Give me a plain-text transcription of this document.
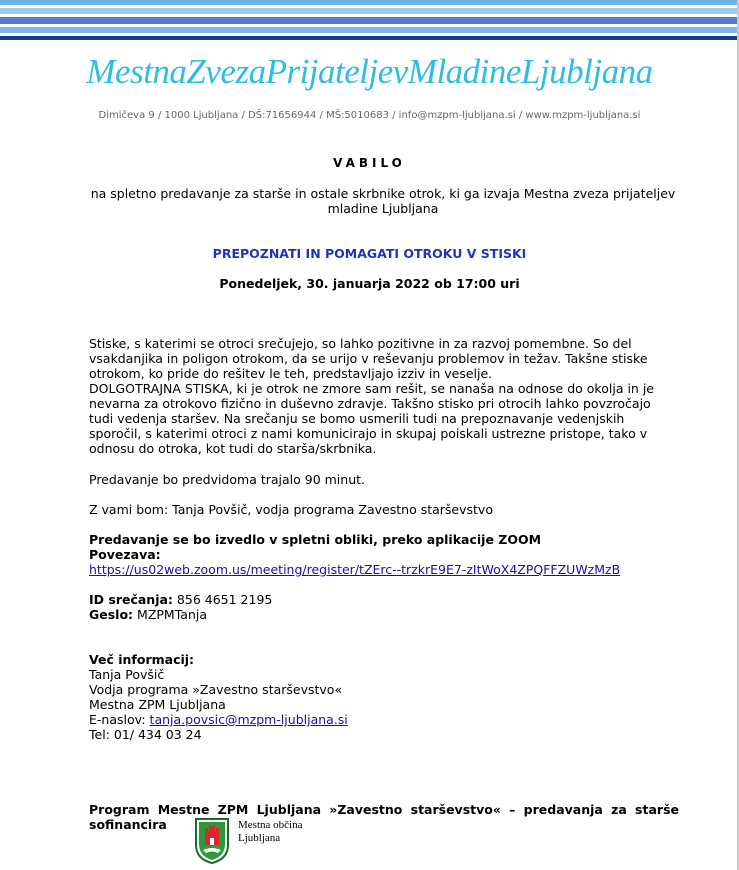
MestnaZvezaPrijateljevMladineLjubljana
Dimičeva 9 / 1000 Ljubljana / DŠ:71656944 / MŠ:5010683 / info@mzpm-ljubljana.si / www.mzpm-ljubljana.si
VABILO
na spletno predavanje za starše in ostale skrbnike otrok, ki ga izvaja Mestna zveza prijateljev mladine Ljubljana
PREPOZNATI IN POMAGATI OTROKU V STISKI
Ponedeljek, 30. januarja 2022 ob 17:00 uri
Stiske, s katerimi se otroci srečujejo, so lahko pozitivne in za razvoj pomembne. So del
vsakdanjika in poligon otrokom, da se urijo v reševanju problemov in težav. Takšne stiske
otrokom, ko pride do rešitev le teh, predstavljajo izziv in veselje.
DOLGOTRAJNA STISKA, ki je otrok ne zmore sam rešit, se nanaša na odnose do okolja in je
nevarna za otrokovo fizično in duševno zdravje. Takšno stisko pri otrocih lahko povzročajo
tudi vedenja staršev. Na srečanju se bomo usmerili tudi na prepoznavanje vedenjskih
sporočil, s katerimi otroci z nami komunicirajo in skupaj poiskali ustrezne pristope, tako v
odnosu do otroka, kot tudi do starša/skrbnika.
Predavanje bo predvidoma trajalo 90 minut.
Z vami bom: Tanja Povšič, vodja programa Zavestno starševstvo
Predavanje se bo izvedlo v spletni obliki, preko aplikacije ZOOM
Povezava:
https://us02web.zoom.us/meeting/register/tZErc--trzkrE9E7-zItWoX4ZPQFFZUWzMzB
ID srečanja: 856 4651 2195
Geslo: MZPMTanja
Več informacij:
Tanja Povšič
Vodja programa »Zavestno starševstvo«
Mestna ZPM Ljubljana
E-naslov: tanja.povsic@mzpm-ljubljana.si
Tel: 01/ 434 03 24
Program Mestne ZPM Ljubljana »Zavestno starševstvo« – predavanja za starše
sofinancira	Mestna občina
Ljubljana
